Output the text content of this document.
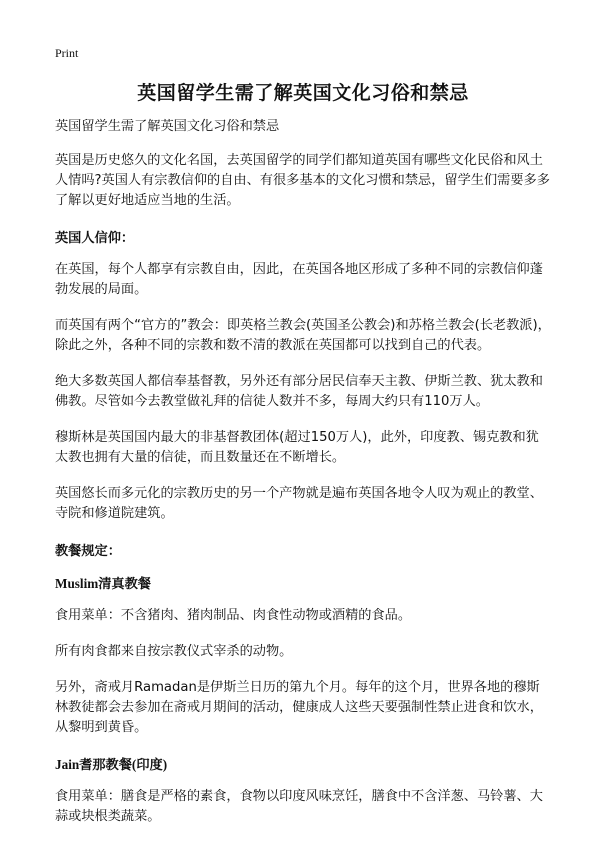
Print
英国留学生需了解英国文化习俗和禁忌

英国留学生需了解英国文化习俗和禁忌

英国是历史悠久的文化名国，去英国留学的同学们都知道英国有哪些文化民俗和风土人情吗?英国人有宗教信仰的自由、有很多基本的文化习惯和禁忌，留学生们需要多多了解以更好地适应当地的生活。

英国人信仰：

在英国，每个人都享有宗教自由，因此，在英国各地区形成了多种不同的宗教信仰蓬勃发展的局面。

而英国有两个“官方的”教会：即英格兰教会(英国圣公教会)和苏格兰教会(长老教派)，除此之外，各种不同的宗教和数不清的教派在英国都可以找到自己的代表。

绝大多数英国人都信奉基督教，另外还有部分居民信奉天主教、伊斯兰教、犹太教和佛教。尽管如今去教堂做礼拜的信徒人数并不多，每周大约只有110万人。

穆斯林是英国国内最大的非基督教团体(超过150万人)，此外，印度教、锡克教和犹太教也拥有大量的信徒，而且数量还在不断增长。

英国悠长而多元化的宗教历史的另一个产物就是遍布英国各地令人叹为观止的教堂、寺院和修道院建筑。

教餐规定：
Muslim清真教餐

食用菜单：不含猪肉、猪肉制品、肉食性动物或酒精的食品。

所有肉食都来自按宗教仪式宰杀的动物。

另外，斋戒月Ramadan是伊斯兰日历的第九个月。每年的这个月，世界各地的穆斯林教徒都会去参加在斋戒月期间的活动，健康成人这些天要强制性禁止进食和饮水，从黎明到黄昏。

Jain耆那教餐(印度)

食用菜单：膳食是严格的素食，食物以印度风味烹饪，膳食中不含洋葱、马铃薯、大蒜或块根类蔬菜。
